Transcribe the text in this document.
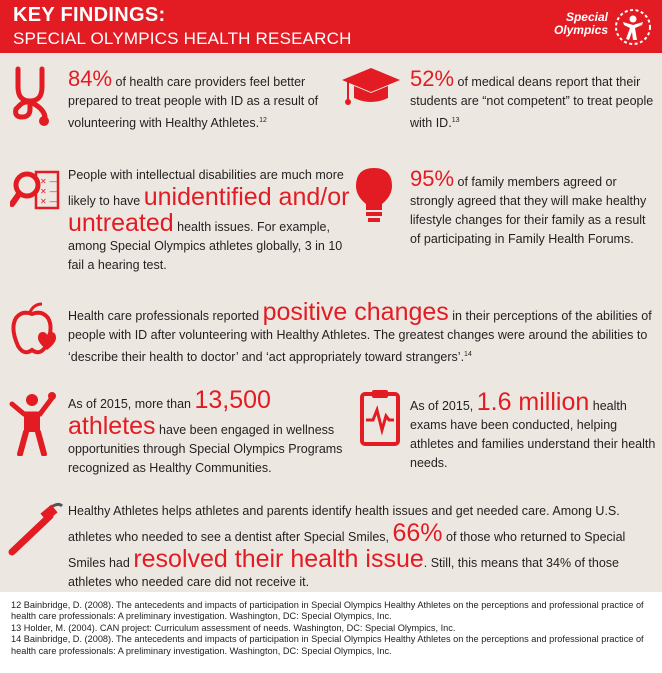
KEY FINDINGS:
SPECIAL OLYMPICS HEALTH RESEARCH
Special
Olympics
84% of health care providers feel better prepared to treat people with ID as a result of volunteering with Healthy Athletes.$^{12}$
52% of medical deans report that their students are “not competent” to treat people with ID.$^{13}$
✕ —
✕ —
✕ —
People with intellectual disabilities are much more likely to have unidentified and/or untreated health issues. For example, among Special Olympics athletes globally, 3 in 10 fail a hearing test.
95% of family members agreed or strongly agreed that they will make healthy lifestyle changes for their family as a result of participating in Family Health Forums.
Health care professionals reported positive changes in their perceptions of the abilities of people with ID after volunteering with Healthy Athletes. The greatest changes were around the abilities to ‘describe their health to doctor’ and ‘act appropriately toward strangers’.$^{14}$
As of 2015, more than 13,500 athletes have been engaged in wellness opportunities through Special Olympics Programs recognized as Healthy Communities.
As of 2015, 1.6 million health exams have been conducted, helping athletes and families understand their health needs.
Healthy Athletes helps athletes and parents identify health issues and get needed care. Among U.S. athletes who needed to see a dentist after Special Smiles, 66% of those who returned to Special Smiles had resolved their health issue. Still, this means that 34% of those athletes who needed care did not receive it.

12 Bainbridge, D. (2008). The antecedents and impacts of participation in Special Olympics Healthy Athletes on the perceptions and professional practice of health care professionals: A preliminary investigation. Washington, DC: Special Olympics, Inc.

13 Holder, M. (2004). CAN project: Curriculum assessment of needs. Washington, DC: Special Olympics, Inc.

14 Bainbridge, D. (2008). The antecedents and impacts of participation in Special Olympics Healthy Athletes on the perceptions and professional practice of health care professionals: A preliminary investigation. Washington, DC: Special Olympics, Inc.
